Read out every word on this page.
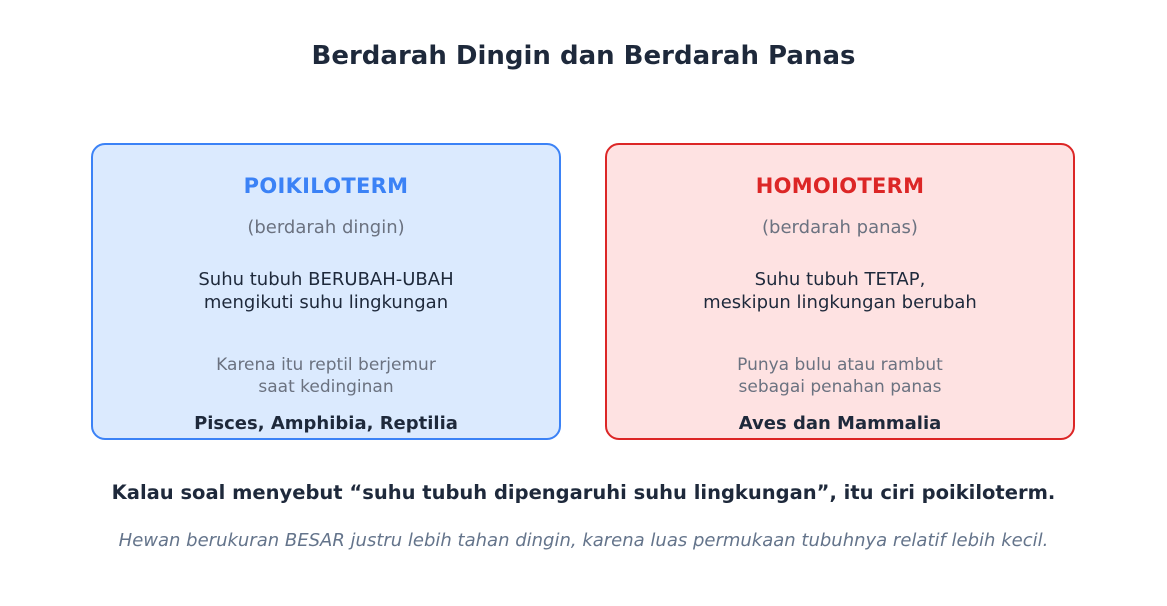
Berdarah Dingin dan Berdarah Panas
POIKILOTERM
(berdarah dingin)
Suhu tubuh BERUBAH-UBAH
mengikuti suhu lingkungan
Karena itu reptil berjemur
saat kedinginan
Pisces, Amphibia, Reptilia
HOMOIOTERM
(berdarah panas)
Suhu tubuh TETAP,
meskipun lingkungan berubah
Punya bulu atau rambut
sebagai penahan panas
Aves dan Mammalia
Kalau soal menyebut “suhu tubuh dipengaruhi suhu lingkungan”, itu ciri poikiloterm.
Hewan berukuran BESAR justru lebih tahan dingin, karena luas permukaan tubuhnya relatif lebih kecil.
